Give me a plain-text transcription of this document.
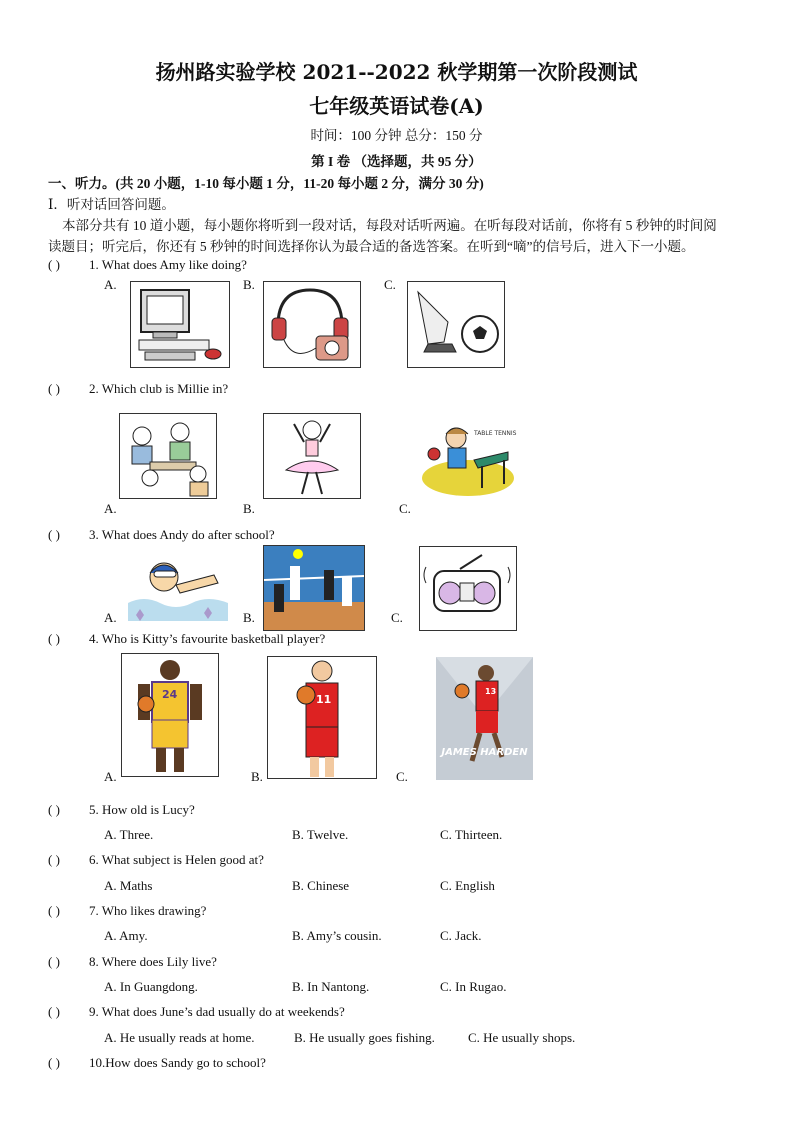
扬州路实验学校 2021--2022 秋学期第一次阶段测试
七年级英语试卷(A)
时间：100 分钟 总分：150 分
第 I 卷 （选择题，共 95 分）
一、听力。(共 20 小题，1-10 每小题 1 分，11-20 每小题 2 分，满分 30 分)
Ⅰ．听对话回答问题。
本部分共有 10 道小题，每小题你将听到一段对话，每段对话听两遍。在听每段对话前，你将有 5 秒钟的时间阅
读题目；听完后，你还有 5 秒钟的时间选择你认为最合适的备选答案。在听到“嘀”的信号后，进入下一小题。
( ) 1. What does Amy like doing?
A.	B.	C.
( ) 2. Which club is Millie in?
TABLE TENNIS
A.	B.	C.
( ) 3. What does Andy do after school?
A.	B.	C.
( ) 4. Who is Kitty’s favourite basketball player?
24	11
13
JAMES HARDEN
A.	B.	C.
( ) 5. How old is Lucy?
A. Three.	B. Twelve.	C. Thirteen.
( ) 6. What subject is Helen good at?
A. Maths	B. Chinese	C. English
( ) 7. Who likes drawing?
A. Amy.	B. Amy’s cousin.	C. Jack.
( ) 8. Where does Lily live?
A. In Guangdong.	B. In Nantong.	C. In Rugao.
( ) 9. What does June’s dad usually do at weekends?
A. He usually reads at home.	B. He usually goes fishing.	C. He usually shops.
( ) 10.How does Sandy go to school?
